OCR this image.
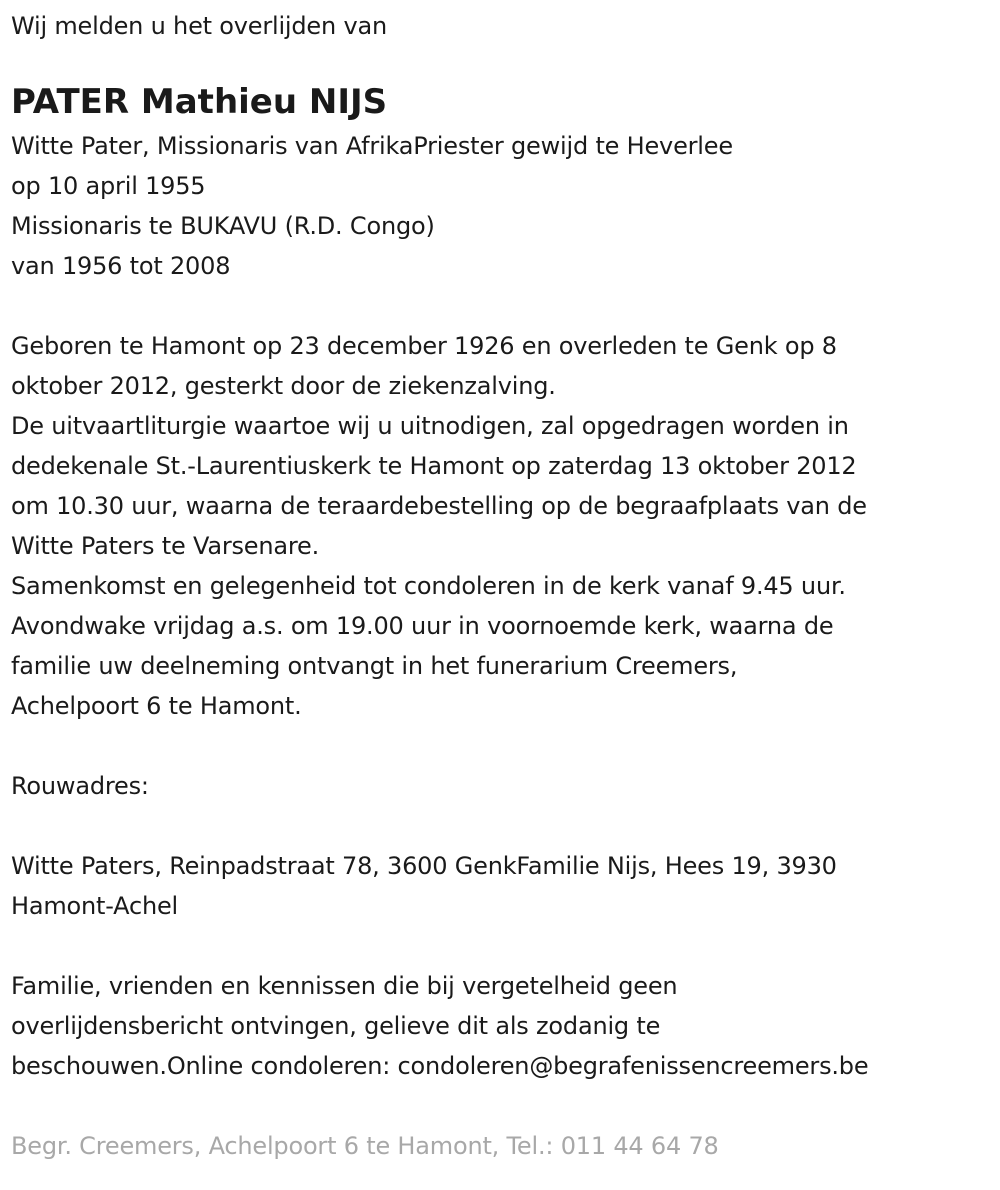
Wij melden u het overlijden van
PATER Mathieu NIJS
Witte Pater, Missionaris van AfrikaPriester gewijd te Heverlee
op 10 april 1955
Missionaris te BUKAVU (R.D. Congo)
van 1956 tot 2008
Geboren te Hamont op 23 december 1926 en overleden te Genk op 8
oktober 2012, gesterkt door de ziekenzalving.
De uitvaartliturgie waartoe wij u uitnodigen, zal opgedragen worden in
dedekenale St.-Laurentiuskerk te Hamont op zaterdag 13 oktober 2012
om 10.30 uur, waarna de teraardebestelling op de begraafplaats van de
Witte Paters te Varsenare.
Samenkomst en gelegenheid tot condoleren in de kerk vanaf 9.45 uur.
Avondwake vrijdag a.s. om 19.00 uur in voornoemde kerk, waarna de
familie uw deelneming ontvangt in het funerarium Creemers,
Achelpoort 6 te Hamont.
Rouwadres:
Witte Paters, Reinpadstraat 78, 3600 GenkFamilie Nijs, Hees 19, 3930
Hamont-Achel
Familie, vrienden en kennissen die bij vergetelheid geen
overlijdensbericht ontvingen, gelieve dit als zodanig te
beschouwen.Online condoleren: condoleren@begrafenissencreemers.be
Begr. Creemers, Achelpoort 6 te Hamont, Tel.: 011 44 64 78
